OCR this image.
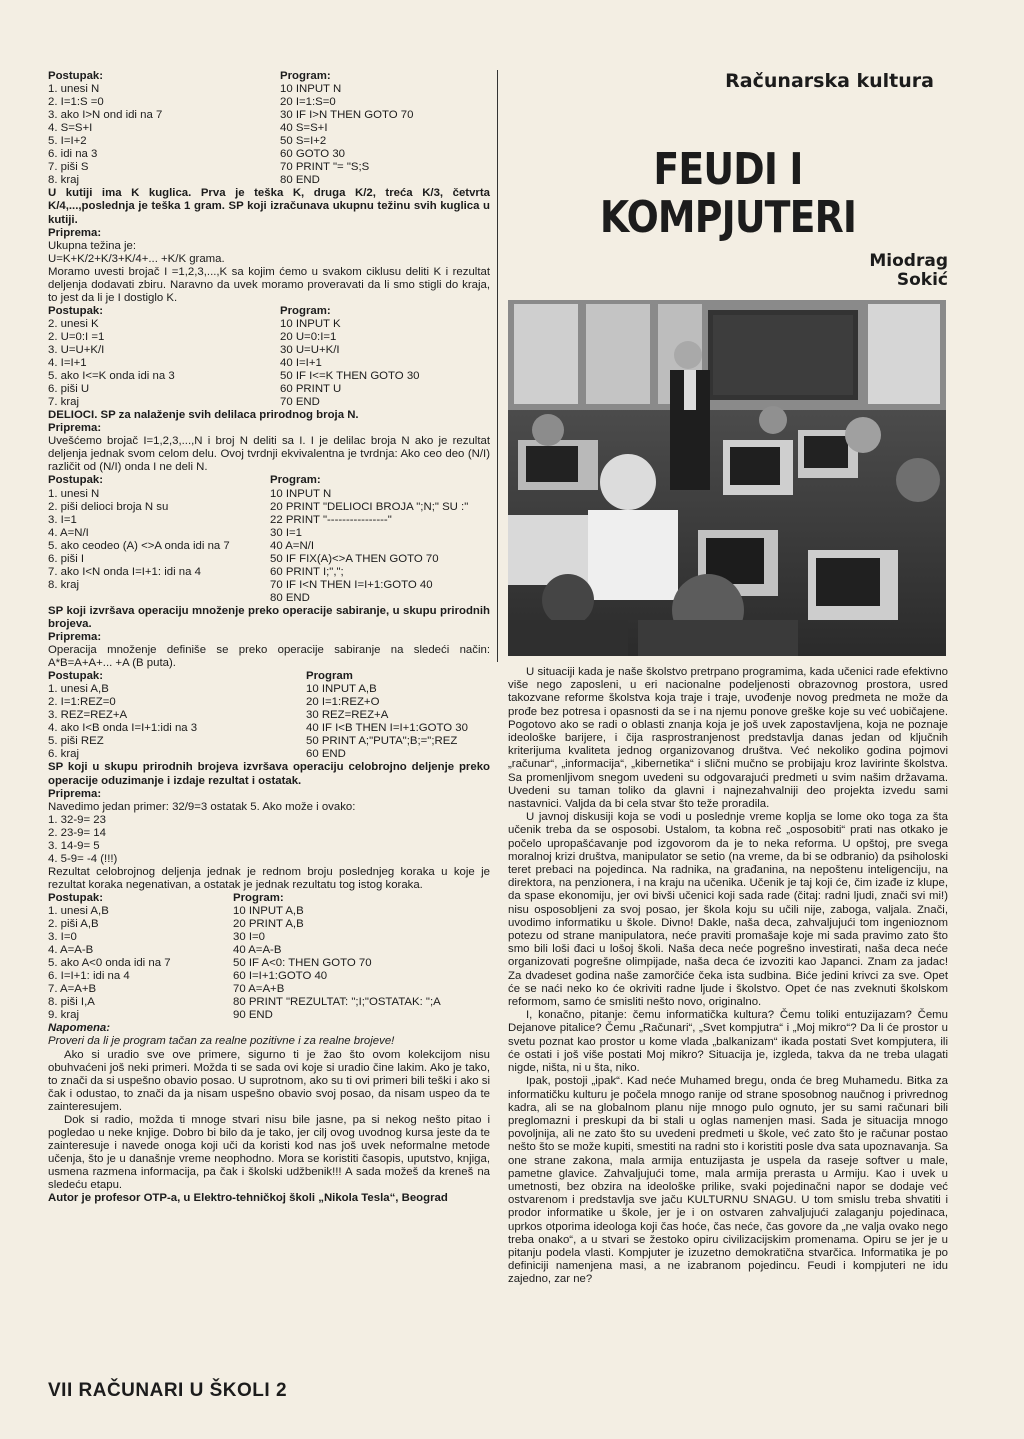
Postupak:	Program:
1. unesi N	10 INPUT N
2. I=1:S =0	20 I=1:S=0
3. ako I>N ond idi na 7	30 IF I>N THEN GOTO 70
4. S=S+I	40 S=S+I
5. I=I+2	50 S=I+2
6. idi na 3	60 GOTO 30
7. piši S	70 PRINT "= "S;S
8. kraj	80 END
U kutiji ima K kuglica. Prva je teška K, druga K/2, treća K/3, četvrta K/4,...,poslednja je teška 1 gram. SP koji izračunava ukupnu težinu svih kuglica u kutiji.
Priprema:
Ukupna težina je:
U=K+K/2+K/3+K/4+... +K/K grama.
Moramo uvesti brojač I =1,2,3,...,K sa kojim ćemo u svakom ciklusu deliti K i rezultat deljenja dodavati zbiru. Naravno da uvek moramo proveravati da li smo stigli do kraja, to jest da li je I dostiglo K.
Postupak:	Program:
2. unesi K	10 INPUT K
2. U=0:I =1	20 U=0:I=1
3. U=U+K/I	30 U=U+K/I
4. I=I+1	40 I=I+1
5. ako I<=K onda idi na 3	50 IF I<=K THEN GOTO 30
6. piši U	60 PRINT U
7. kraj	70 END
DELIOCI. SP za nalaženje svih delilaca prirodnog broja N.
Priprema:
Uvešćemo brojač I=1,2,3,...,N i broj N deliti sa I. I je delilac broja N ako je rezultat deljenja jednak svom celom delu. Ovoj tvrdnji ekvivalentna je tvrdnja: Ako ceo deo (N/I) različit od (N/I) onda I ne deli N.
Postupak:	Program:
1. unesi N	10 INPUT N
2. piši delioci broja N su	20 PRINT "DELIOCI BROJA ";N;" SU :"
3. I=1	22 PRINT "----------------"
4. A=N/I	30 I=1
5. ako ceodeo (A) <>A onda idi na 7	40 A=N/I
6. piši I	50 IF FIX(A)<>A THEN GOTO 70
7. ako I<N onda I=I+1: idi na 4	60 PRINT I;",";
8. kraj	70 IF I<N THEN I=I+1:GOTO 40
80 END
SP koji izvršava operaciju množenje preko operacije sabiranje, u skupu prirodnih brojeva.
Priprema:
Operacija množenje definiše se preko operacije sabiranje na sledeći način: A*B=A+A+... +A (B puta).
Postupak:	Program
1. unesi A,B	10 INPUT A,B
2. I=1:REZ=0	20 I=1:REZ+O
3. REZ=REZ+A	30 REZ=REZ+A
4. ako I<B onda I=I+1:idi na 3	40 IF I<B THEN I=I+1:GOTO 30
5. piši REZ	50 PRINT A;"PUTA";B;=";REZ
6. kraj	60 END
SP koji u skupu prirodnih brojeva izvršava operaciju celobrojno deljenje preko operacije oduzimanje i izdaje rezultat i ostatak.
Priprema:
Navedimo jedan primer: 32/9=3 ostatak 5. Ako može i ovako:
1. 32-9= 23
2. 23-9= 14
3. 14-9= 5
4. 5-9= -4 (!!!)
Rezultat celobrojnog deljenja jednak je rednom broju poslednjeg koraka u koje je rezultat koraka negenativan, a ostatak je jednak rezultatu tog istog koraka.
Postupak:	Program:
1. unesi A,B	10 INPUT A,B
2. piši A,B	20 PRINT A,B
3. I=0	30 I=0
4. A=A-B	40 A=A-B
5. ako A<0 onda idi na 7	50 IF A<0: THEN GOTO 70
6. I=I+1: idi na 4	60 I=I+1:GOTO 40
7. A=A+B	70 A=A+B
8. piši I,A	80 PRINT "REZULTAT: ";I;"OSTATAK: ";A
9. kraj	90 END
Napomena:
Proveri da li je program tačan za realne pozitivne i za realne brojeve!
Ako si uradio sve ove primere, sigurno ti je žao što ovom kolekcijom nisu obuhvaćeni još neki primeri. Možda ti se sada ovi koje si uradio čine lakim. Ako je tako, to znači da si uspešno obavio posao. U suprotnom, ako su ti ovi primeri bili teški i ako si čak i odustao, to znači da ja nisam uspešno obavio svoj posao, da nisam uspeo da te zainteresujem.
Dok si radio, možda ti mnoge stvari nisu bile jasne, pa si nekog nešto pitao i pogledao u neke knjige. Dobro bi bilo da je tako, jer cilj ovog uvodnog kursa jeste da te zainteresuje i navede onoga koji uči da koristi kod nas još uvek neformalne metode učenja, što je u današnje vreme neophodno. Mora se koristiti časopis, uputstvo, knjiga, usmena razmena informacija, pa čak i školski udžbenik!!! A sada možeš da kreneš na sledeću etapu.
Autor je profesor OTP-a, u Elektro-tehničkoj školi „Nikola Tesla“, Beograd
Računarska kultura
FEUDI I KOMPJUTERI
Miodrag
Sokić

U situaciji kada je naše školstvo pretrpano programima, kada učenici rade efektivno više nego zaposleni, u eri nacionalne podeljenosti obrazovnog prostora, usred takozvane reforme školstva koja traje i traje, uvođenje novog predmeta ne može da prođe bez potresa i opasnosti da se i na njemu ponove greške koje su već uobičajene. Pogotovo ako se radi o oblasti znanja koja je još uvek zapostavljena, koja ne poznaje ideološke barijere, i čija rasprostranjenost predstavlja danas jedan od ključnih kriterijuma kvaliteta jednog organizovanog društva. Već nekoliko godina pojmovi „računar“, „informacija“, „kibernetika“ i slični mučno se probijaju kroz lavirinte školstva. Sa promenljivom snegom uvedeni su odgovarajući predmeti u svim našim državama. Uvedeni su taman toliko da glavni i najnezahvalniji deo projekta izvedu sami nastavnici. Valjda da bi cela stvar što teže proradila.

U javnoj diskusiji koja se vodi u poslednje vreme koplja se lome oko toga za šta učenik treba da se osposobi. Ustalom, ta kobna reč „osposobiti“ prati nas otkako je počelo upropašćavanje pod izgovorom da je to neka reforma. U opštoj, pre svega moralnoj krizi društva, manipulator se setio (na vreme, da bi se odbranio) da psiholoski teret prebaci na pojedinca. Na radnika, na građanina, na nepoštenu inteligenciju, na direktora, na penzionera, i na kraju na učenika. Učenik je taj koji će, čim izađe iz klupe, da spase ekonomiju, jer ovi bivši učenici koji sada rade (čitaj: radni ljudi, znači svi mi!) nisu osposobljeni za svoj posao, jer škola koju su učili nije, zaboga, valjala. Znači, uvodimo informatiku u škole. Divno! Dakle, naša deca, zahvaljujući tom ingenioznom potezu od strane manipulatora, neće praviti promašaje koje mi sada pravimo zato što smo bili loši đaci u lošoj školi. Naša deca neće pogrešno investirati, naša deca neće organizovati pogrešne olimpijade, naša deca će izvoziti kao Japanci. Znam za jadac! Za dvadeset godina naše zamorčiće čeka ista sudbina. Biće jedini krivci za sve. Opet će se naći neko ko će okriviti radne ljude i školstvo. Opet će nas zveknuti školskom reformom, samo će smisliti nešto novo, originalno.

I, konačno, pitanje: čemu informatička kultura? Čemu toliki entuzijazam? Čemu Dejanove pitalice? Čemu „Računari“, „Svet kompjutra“ i „Moj mikro“? Da li će prostor u svetu poznat kao prostor u kome vlada „balkanizam“ ikada postati Svet kompjutera, ili će ostati i još više postati Moj mikro? Situacija je, izgleda, takva da ne treba ulagati nigde, ništa, ni u šta, niko.

Ipak, postoji „ipak“. Kad neće Muhamed bregu, onda će breg Muhamedu. Bitka za informatičku kulturu je počela mnogo ranije od strane sposobnog naučnog i privrednog kadra, ali se na globalnom planu nije mnogo pulo ognuto, jer su sami računari bili preglomazni i preskupi da bi stali u oglas namenjen masi. Sada je situacija mnogo povoljnija, ali ne zato što su uvedeni predmeti u škole, već zato što je računar postao nešto što se može kupiti, smestiti na radni sto i koristiti posle dva sata upoznavanja. Sa one strane zakona, mala armija entuzijasta je uspela da raseje softver u male, pametne glavice. Zahvaljujući tome, mala armija prerasta u Armiju. Kao i uvek u umetnosti, bez obzira na ideološke prilike, svaki pojedinačni napor se dodaje već ostvarenom i predstavlja sve jaču KULTURNU SNAGU. U tom smislu treba shvatiti i prodor informatike u škole, jer je i on ostvaren zahvaljujući zalaganju pojedinaca, uprkos otporima ideologa koji čas hoće, čas neće, čas govore da „ne valja ovako nego treba onako“, a u stvari se žestoko opiru civilizacijskim promenama. Opiru se jer je u pitanju podela vlasti. Kompjuter je izuzetno demokratična stvarčica. Informatika je po definiciji namenjena masi, a ne izabranom pojedincu. Feudi i kompjuteri ne idu zajedno, zar ne?

VII RAČUNARI U ŠKOLI 2
